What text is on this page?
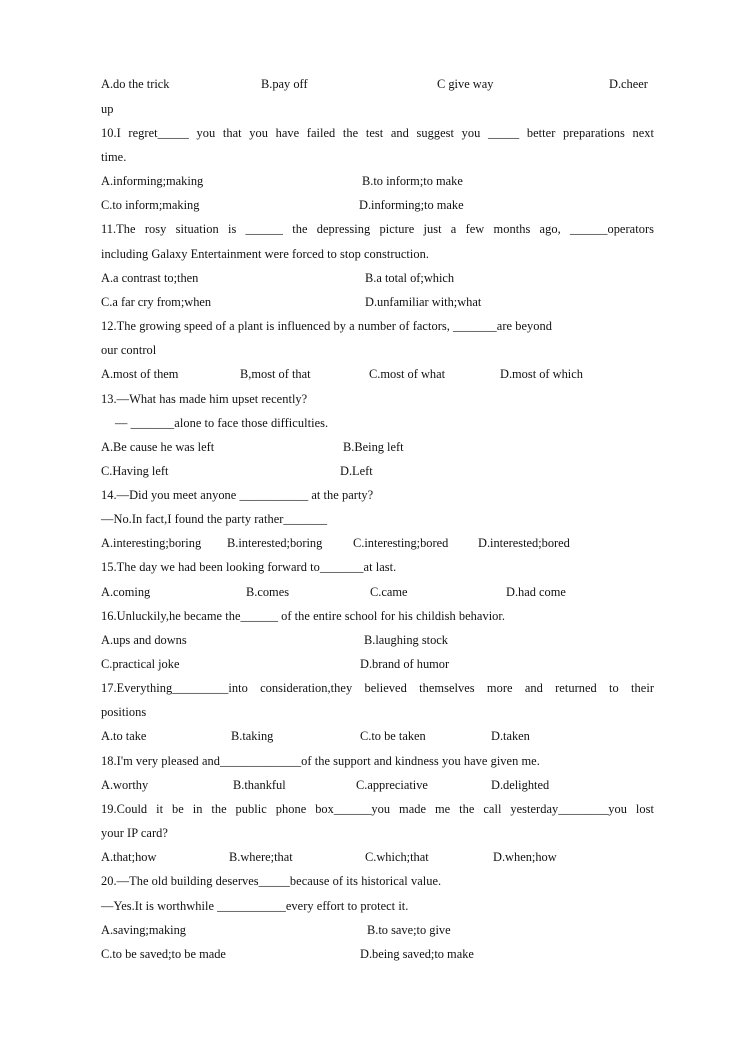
A.do the trick	B.pay off	C give way	D.cheer
up
10.I regret_____ you that you have failed the test and suggest you _____ better preparations next
time.
A.informing;making	B.to inform;to make
C.to inform;making	D.informing;to make
11.The rosy situation is ______ the depressing picture just a few months ago, ______operators
including Galaxy Entertainment were forced to stop construction.
A.a contrast to;then	B.a total of;which
C.a far cry from;when	D.unfamiliar with;what
12.The growing speed of a plant is influenced by a number of factors, _______are beyond
our control
A.most of them	B,most of that	C.most of what	D.most of which
13.—What has made him upset recently?
— _______alone to face those difficulties.
A.Be cause he was left	B.Being left
C.Having left	D.Left
14.—Did you meet anyone ___________ at the party?
—No.In fact,I found the party rather_______
A.interesting;boring B.interested;boring C.interesting;bored D.interested;bored
15.The day we had been looking forward to_______at last.
A.coming	B.comes	C.came	D.had come
16.Unluckily,he became the______ of the entire school for his childish behavior.
A.ups and downs	B.laughing stock
C.practical joke	D.brand of humor
17.Everything_________into consideration,they believed themselves more and returned to their
positions
A.to take	B.taking	C.to be taken	D.taken
18.I'm very pleased and_____________of the support and kindness you have given me.
A.worthy	B.thankful	C.appreciative	D.delighted
19.Could it be in the public phone box______you made me the call yesterday________you lost
your IP card?
A.that;how	B.where;that	C.which;that	D.when;how
20.—The old building deserves_____because of its historical value.
—Yes.It is worthwhile ___________every effort to protect it.
A.saving;making	B.to save;to give
C.to be saved;to be made	D.being saved;to make
